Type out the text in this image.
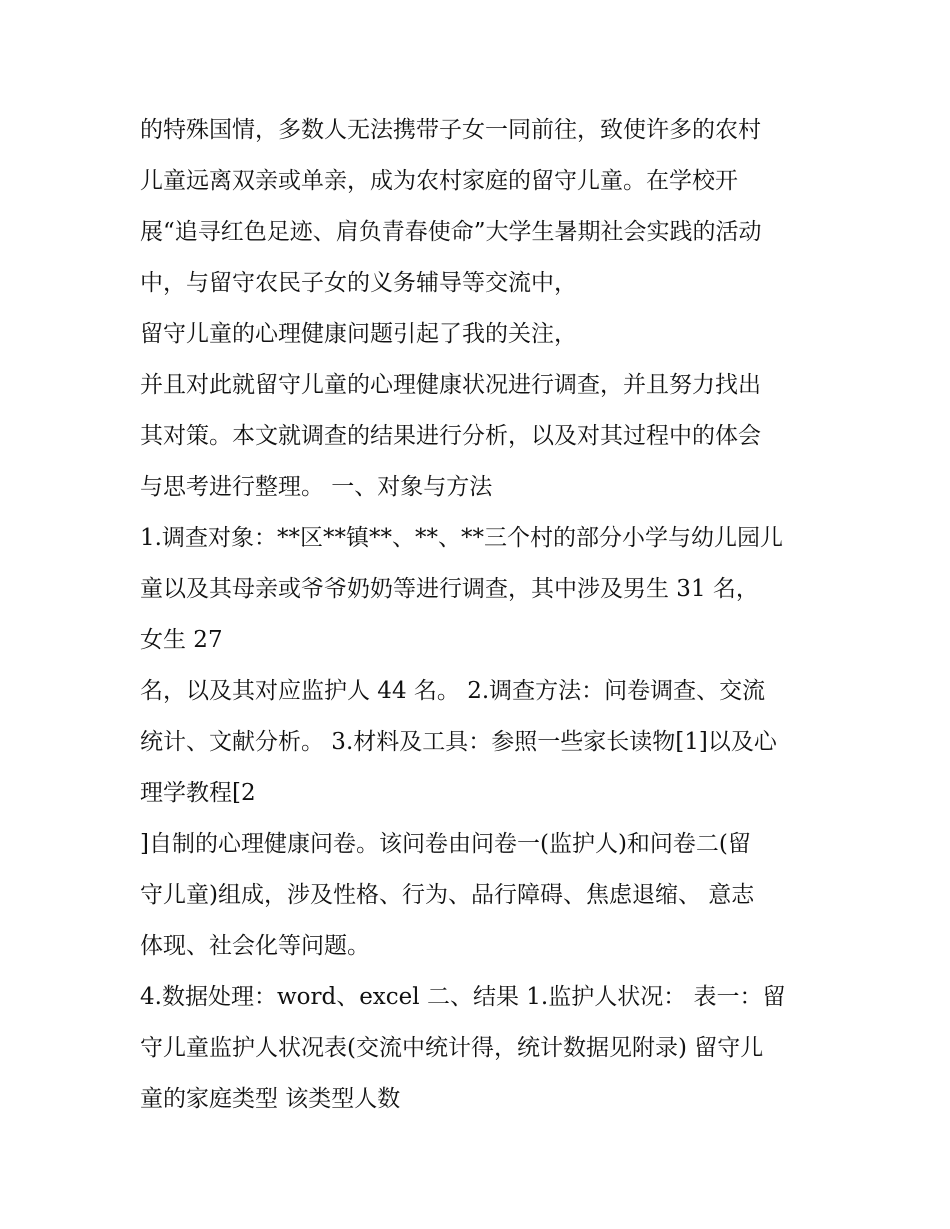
的特殊国情，多数人无法携带子女一同前往，致使许多的农村
儿童远离双亲或单亲，成为农村家庭的留守儿童。在学校开
展“追寻红色足迹、肩负青春使命”大学生暑期社会实践的活动
中，与留守农民子女的义务辅导等交流中，
留守儿童的心理健康问题引起了我的关注，
并且对此就留守儿童的心理健康状况进行调查，并且努力找出
其对策。本文就调查的结果进行分析，以及对其过程中的体会
与思考进行整理。 一、对象与方法
1.调查对象：**区**镇**、**、**三个村的部分小学与幼儿园儿
童以及其母亲或爷爷奶奶等进行调查，其中涉及男生 31 名，
女生 27
名，以及其对应监护人 44 名。 2.调查方法：问卷调查、交流
统计、文献分析。 3.材料及工具：参照一些家长读物[1]以及心
理学教程[2
]自制的心理健康问卷。该问卷由问卷一(监护人)和问卷二(留
守儿童)组成，涉及性格、行为、品行障碍、焦虑退缩、 意志
体现、社会化等问题。
4.数据处理：word、excel 二、结果 1.监护人状况： 表一：留
守儿童监护人状况表(交流中统计得，统计数据见附录) 留守儿
童的家庭类型 该类型人数
